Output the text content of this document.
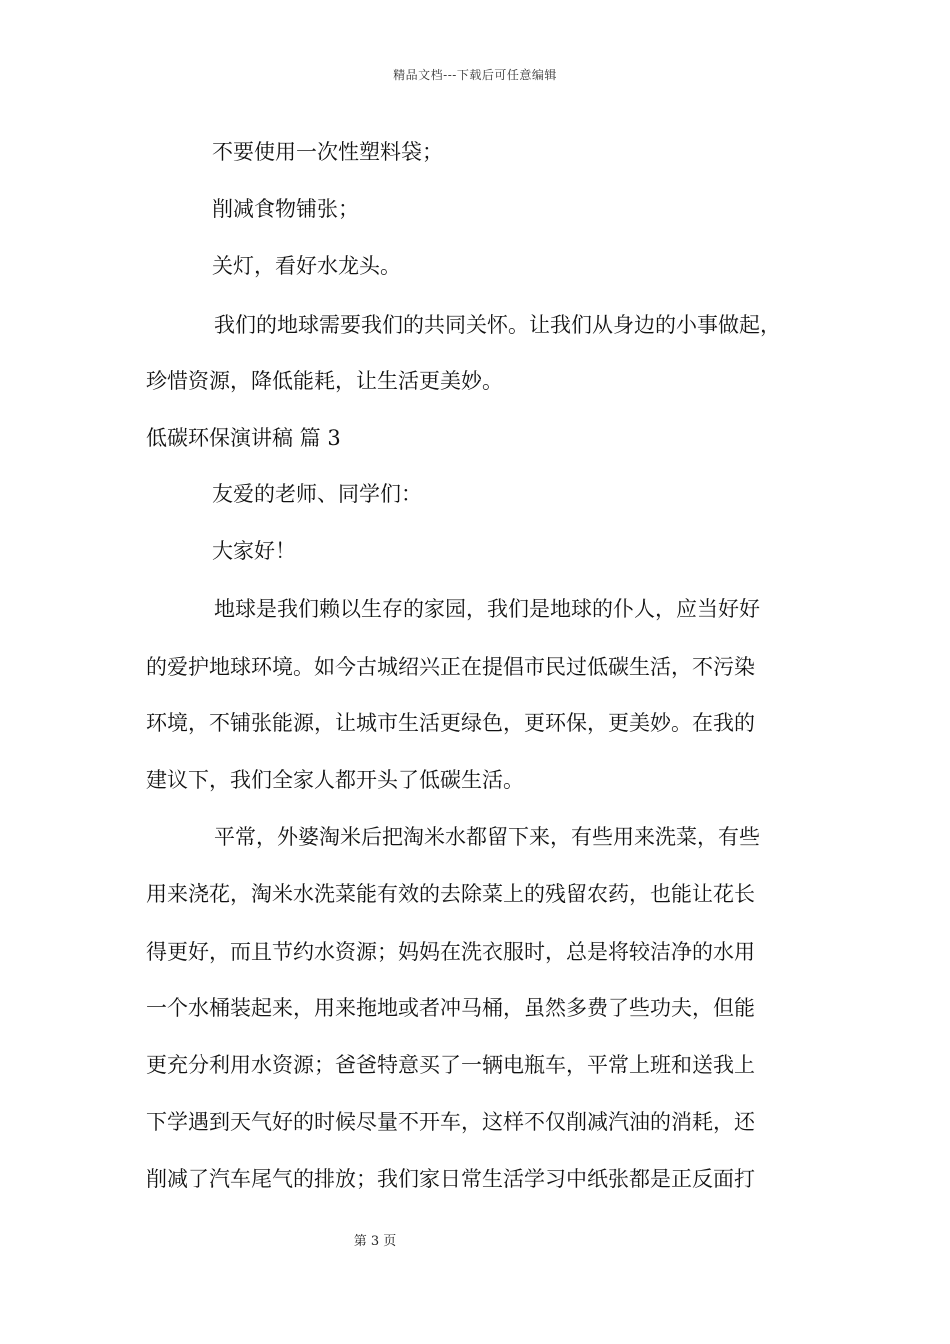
精品文档---下载后可任意编辑
不要使用一次性塑料袋；
削减食物铺张；
关灯，看好水龙头。
我们的地球需要我们的共同关怀。让我们从身边的小事做起，
珍惜资源，降低能耗，让生活更美妙。
低碳环保演讲稿 篇 3
友爱的老师、同学们：
大家好！
地球是我们赖以生存的家园，我们是地球的仆人，应当好好
的爱护地球环境。如今古城绍兴正在提倡市民过低碳生活，不污染
环境，不铺张能源，让城市生活更绿色，更环保，更美妙。在我的
建议下，我们全家人都开头了低碳生活。
平常，外婆淘米后把淘米水都留下来，有些用来洗菜，有些
用来浇花，淘米水洗菜能有效的去除菜上的残留农药，也能让花长
得更好，而且节约水资源；妈妈在洗衣服时，总是将较洁净的水用
一个水桶装起来，用来拖地或者冲马桶，虽然多费了些功夫，但能
更充分利用水资源；爸爸特意买了一辆电瓶车，平常上班和送我上
下学遇到天气好的时候尽量不开车，这样不仅削减汽油的消耗，还
削减了汽车尾气的排放；我们家日常生活学习中纸张都是正反面打
第 3 页
